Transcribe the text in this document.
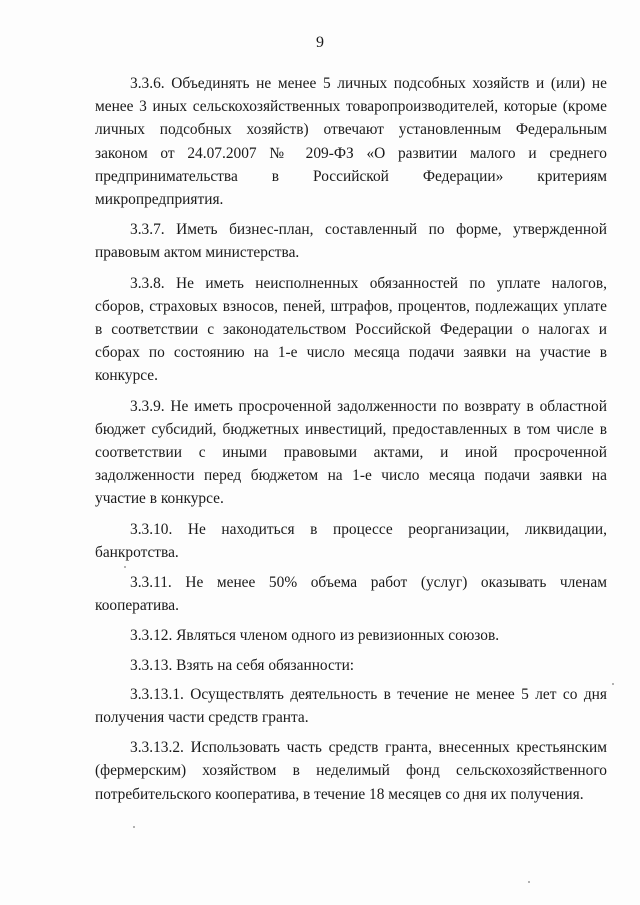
9

3.3.6. Объединять не менее 5 личных подсобных хозяйств и (или) не менее 3 иных сельскохозяйственных товаропроизводителей, которые (кроме личных подсобных хозяйств) отвечают установленным Федеральным законом от 24.07.2007 № 209-ФЗ «О развитии малого и среднего предпринимательства в Российской Федерации» критериям микропредприятия.

3.3.7. Иметь бизнес-план, составленный по форме, утвержденной правовым актом министерства.

3.3.8. Не иметь неисполненных обязанностей по уплате налогов, сборов, страховых взносов, пеней, штрафов, процентов, подлежащих уплате в соответствии с законодательством Российской Федерации о налогах и сборах по состоянию на 1-е число месяца подачи заявки на участие в конкурсе.

3.3.9. Не иметь просроченной задолженности по возврату в областной бюджет субсидий, бюджетных инвестиций, предоставленных в том числе в соответствии с иными правовыми актами, и иной просроченной задолженности перед бюджетом на 1-е число месяца подачи заявки на участие в конкурсе.

3.3.10. Не находиться в процессе реорганизации, ликвидации, банкротства.

3.3.11. Не менее 50% объема работ (услуг) оказывать членам кооператива.

3.3.12. Являться членом одного из ревизионных союзов.

3.3.13. Взять на себя обязанности:

3.3.13.1. Осуществлять деятельность в течение не менее 5 лет со дня получения части средств гранта.

3.3.13.2. Использовать часть средств гранта, внесенных крестьянским (фермерским) хозяйством в неделимый фонд сельскохозяйственного потребительского кооператива, в течение 18 месяцев со дня их получения.
